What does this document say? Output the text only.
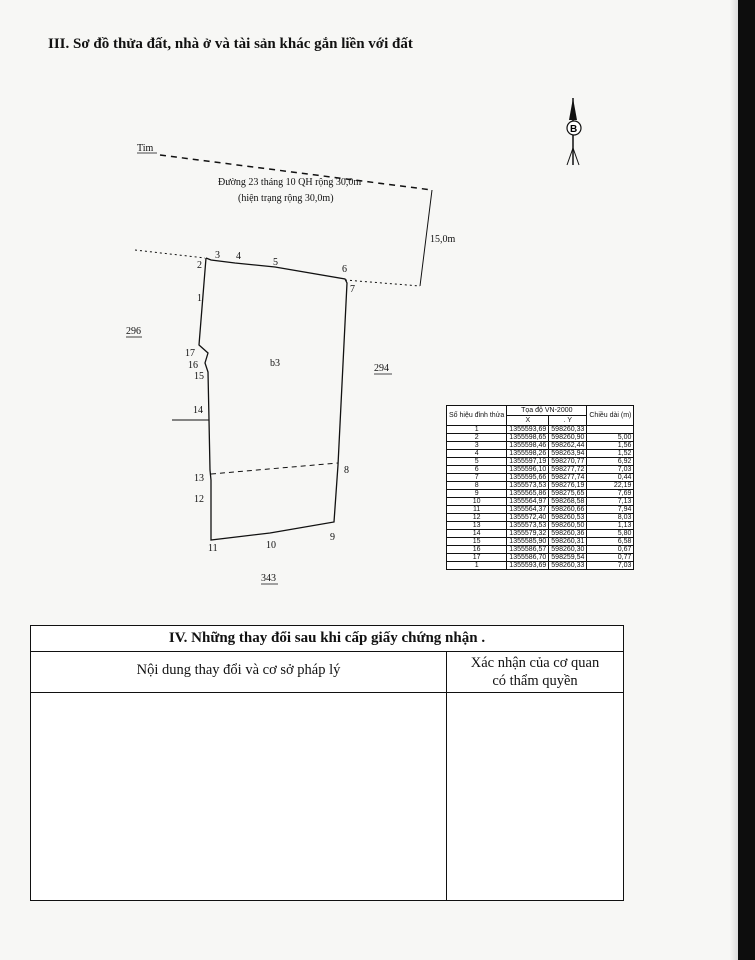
III. Sơ đồ thửa đất, nhà ở và tài sản khác gắn liền với đất
Tim
Đường 23 tháng 10 QH rộng 30,0m
(hiện trạng rộng 30,0m)
15,0m
b3
296
294
343
1
2
3 4
5
6
7
8
9
10
11
12
13
14
15
16
17
B
Số hiệu đỉnh thửa	Tọa độ VN-2000		Chiều dài (m)
	X	. Y	
1	1355593,69	598260,33	
2	1355598,65	598260,90	5,00
3	1355598,46	598262,44	1,56
4	1355598,26	598263,94	1,52
5	1355597,19	598270,77	6,92
6	1355596,10	598277,72	7,03
7	1355595,66	598277,74	0,44
8	1355573,53	598276,19	22,19
9	1355565,86	598275,65	7,69
10	1355564,97	598268,58	7,13
11	1355564,37	598260,66	7,94
12	1355572,40	598260,53	8,03
13	1355573,53	598260,50	1,13
14	1355579,32	598260,36	5,80
15	1355585,90	598260,31	6,58
16	1355586,57	598260,30	0,67
17	1355586,70	598259,54	0,77
1	1355593,69	598260,33	7,03
IV. Những thay đổi sau khi cấp giấy chứng nhận .
Nội dung thay đổi và cơ sở pháp lý	Xác nhận của cơ quan
có thẩm quyền
